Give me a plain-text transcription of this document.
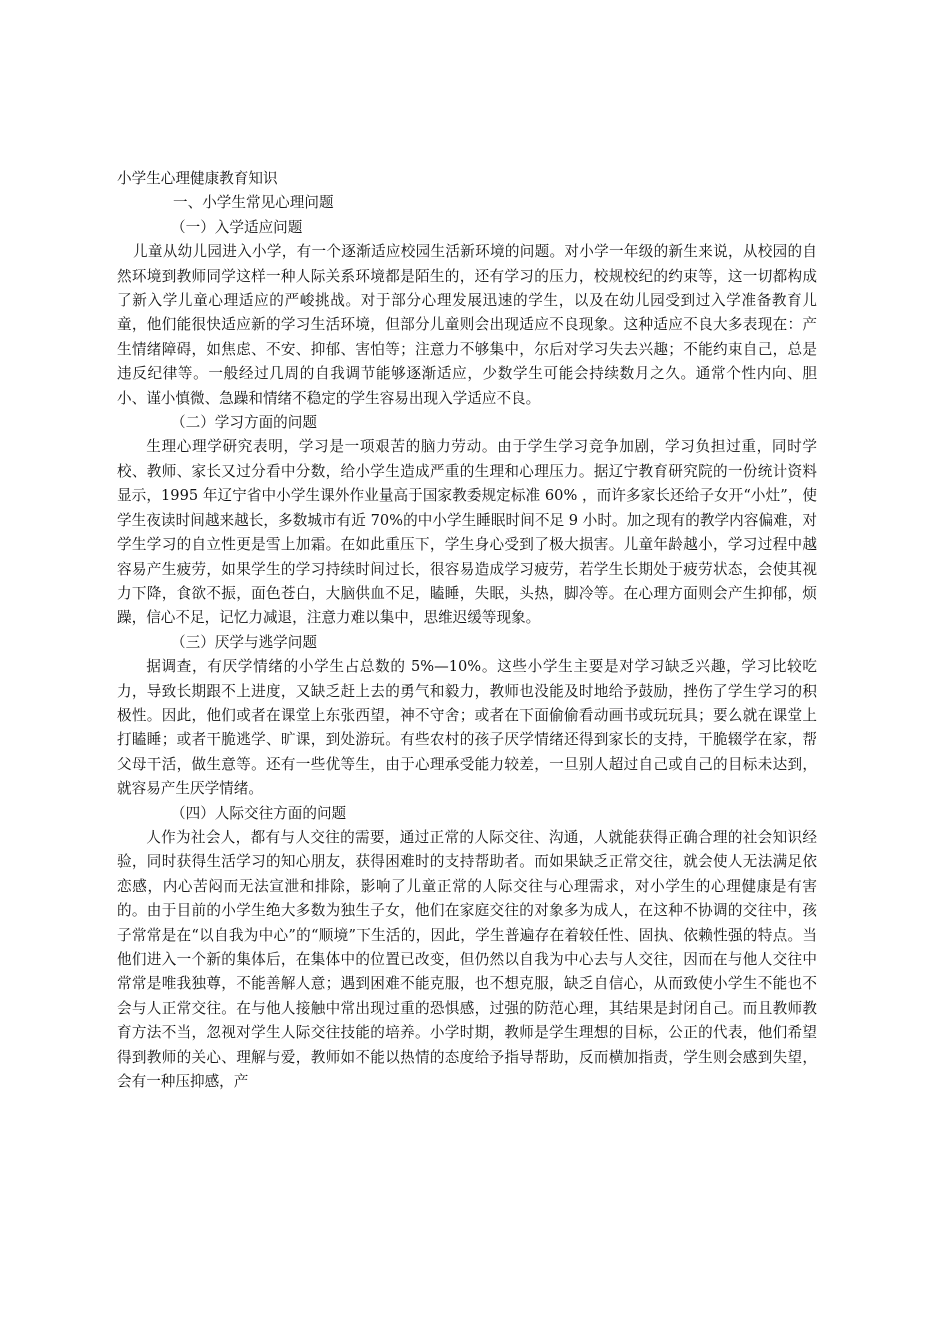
小学生心理健康教育知识

一、小学生常见心理问题

（一）入学适应问题

儿童从幼儿园进入小学，有一个逐渐适应校园生活新环境的问题。对小学一年级的新生来说，从校园的自然环境到教师同学这样一种人际关系环境都是陌生的，还有学习的压力，校规校纪的约束等，这一切都构成了新入学儿童心理适应的严峻挑战。对于部分心理发展迅速的学生，以及在幼儿园受到过入学准备教育儿童，他们能很快适应新的学习生活环境，但部分儿童则会出现适应不良现象。这种适应不良大多表现在：产生情绪障碍，如焦虑、不安、抑郁、害怕等；注意力不够集中，尔后对学习失去兴趣；不能约束自己，总是违反纪律等。一般经过几周的自我调节能够逐渐适应，少数学生可能会持续数月之久。通常个性内向、胆小、谨小慎微、急躁和情绪不稳定的学生容易出现入学适应不良。

（二）学习方面的问题

生理心理学研究表明，学习是一项艰苦的脑力劳动。由于学生学习竞争加剧，学习负担过重，同时学校、教师、家长又过分看中分数，给小学生造成严重的生理和心理压力。据辽宁教育研究院的一份统计资料显示，1995 年辽宁省中小学生课外作业量高于国家教委规定标准 60% ，而许多家长还给子女开“小灶”，使学生夜读时间越来越长，多数城市有近 70%的中小学生睡眠时间不足 9 小时。加之现有的教学内容偏难，对学生学习的自立性更是雪上加霜。在如此重压下，学生身心受到了极大损害。儿童年龄越小，学习过程中越容易产生疲劳，如果学生的学习持续时间过长，很容易造成学习疲劳，若学生长期处于疲劳状态，会使其视力下降，食欲不振，面色苍白，大脑供血不足，瞌睡，失眠，头热，脚冷等。在心理方面则会产生抑郁，烦躁，信心不足，记忆力减退，注意力难以集中，思维迟缓等现象。

（三）厌学与逃学问题

据调查，有厌学情绪的小学生占总数的 5%—10%。这些小学生主要是对学习缺乏兴趣，学习比较吃力，导致长期跟不上进度，又缺乏赶上去的勇气和毅力，教师也没能及时地给予鼓励，挫伤了学生学习的积极性。因此，他们或者在课堂上东张西望，神不守舍；或者在下面偷偷看动画书或玩玩具；要么就在课堂上打瞌睡；或者干脆逃学、旷课，到处游玩。有些农村的孩子厌学情绪还得到家长的支持，干脆辍学在家，帮父母干活，做生意等。还有一些优等生，由于心理承受能力较差，一旦别人超过自己或自己的目标未达到，就容易产生厌学情绪。

（四）人际交往方面的问题

人作为社会人，都有与人交往的需要，通过正常的人际交往、沟通，人就能获得正确合理的社会知识经验，同时获得生活学习的知心朋友，获得困难时的支持帮助者。而如果缺乏正常交往，就会使人无法满足依恋感，内心苦闷而无法宣泄和排除，影响了儿童正常的人际交往与心理需求，对小学生的心理健康是有害的。由于目前的小学生绝大多数为独生子女，他们在家庭交往的对象多为成人，在这种不协调的交往中，孩子常常是在“以自我为中心”的“顺境”下生活的，因此，学生普遍存在着较任性、固执、依赖性强的特点。当他们进入一个新的集体后，在集体中的位置已改变，但仍然以自我为中心去与人交往，因而在与他人交往中常常是唯我独尊，不能善解人意；遇到困难不能克服，也不想克服，缺乏自信心，从而致使小学生不能也不会与人正常交往。在与他人接触中常出现过重的恐惧感，过强的防范心理，其结果是封闭自己。而且教师教育方法不当，忽视对学生人际交往技能的培养。小学时期，教师是学生理想的目标，公正的代表，他们希望得到教师的关心、理解与爱，教师如不能以热情的态度给予指导帮助，反而横加指责，学生则会感到失望，会有一种压抑感，产
